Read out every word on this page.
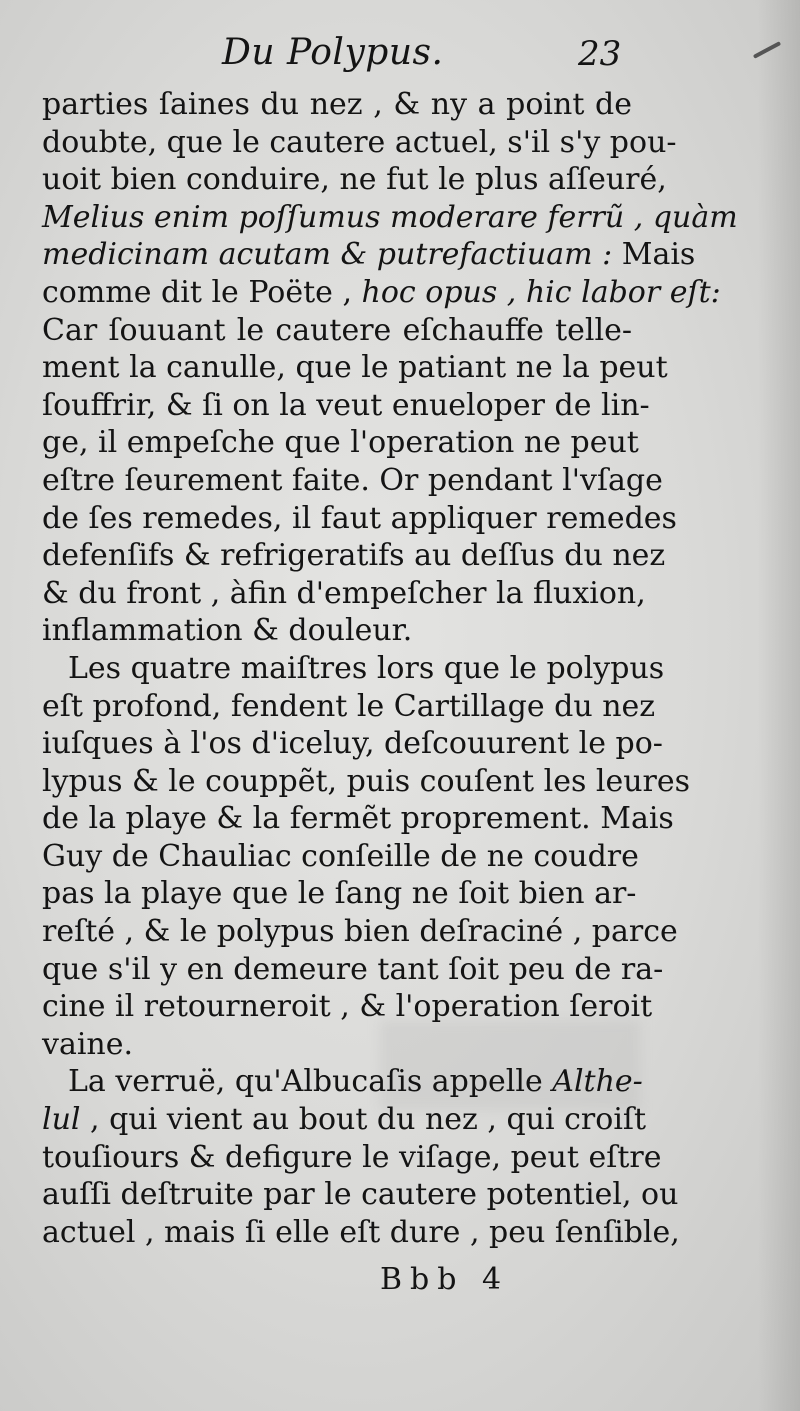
Du Polypus.	23
parties ſaines du nez , & ny a point de
doubte, que le cautere actuel, s'il s'y pou-
uoit bien conduire, ne fut le plus aſſeuré,
Melius enim poſſumus moderare ferrũ , quàm
medicinam acutam & putrefactiuam : Mais
comme dit le Poëte , hoc opus , hic labor eſt:
Car ſouuant le cautere eſchauffe telle-
ment la canulle, que le patiant ne la peut
ſouffrir, & ſi on la veut enueloper de lin-
ge, il empeſche que l'operation ne peut
eſtre ſeurement faite. Or pendant l'vſage
de ſes remedes, il faut appliquer remedes
defenſifs & refrigeratifs au deſſus du nez
& du front , àfin d'empeſcher la fluxion,
inflammation & douleur.
Les quatre maiſtres lors que le polypus
eſt profond, fendent le Cartillage du nez
iuſques à l'os d'iceluy, deſcouurent le po-
lypus & le couppẽt, puis couſent les leures
de la playe & la fermẽt proprement. Mais
Guy de Chauliac conſeille de ne coudre
pas la playe que le ſang ne ſoit bien ar-
reſté , & le polypus bien deſraciné , parce
que s'il y en demeure tant ſoit peu de ra-
cine il retourneroit , & l'operation ſeroit
vaine.
La verruë, qu'Albucaſis appelle Althe-
lul , qui vient au bout du nez , qui croiſt
touſiours & defigure le viſage, peut eſtre
auſſi deſtruite par le cautere potentiel, ou
actuel , mais ſi elle eſt dure , peu ſenſible,
Bbb 4
